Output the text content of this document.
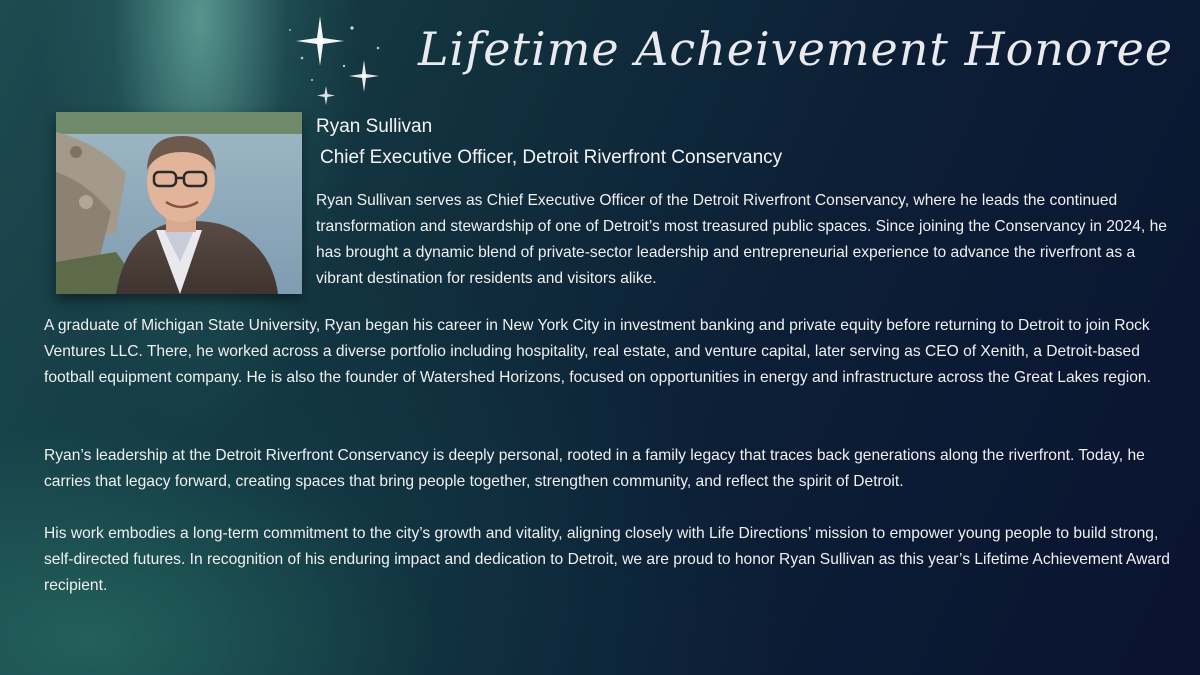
Lifetime Acheivement Honoree
Ryan Sullivan
Chief Executive Officer, Detroit Riverfront Conservancy

Ryan Sullivan serves as Chief Executive Officer of the Detroit Riverfront Conservancy, where he leads the continued transformation and stewardship of one of Detroit’s most treasured public spaces. Since joining the Conservancy in 2024, he has brought a dynamic blend of private-sector leadership and entrepreneurial experience to advance the riverfront as a vibrant destination for residents and visitors alike.

A graduate of Michigan State University, Ryan began his career in New York City in investment banking and private equity before returning to Detroit to join Rock Ventures LLC. There, he worked across a diverse portfolio including hospitality, real estate, and venture capital, later serving as CEO of Xenith, a Detroit-based football equipment company. He is also the founder of Watershed Horizons, focused on opportunities in energy and infrastructure across the Great Lakes region.

Ryan’s leadership at the Detroit Riverfront Conservancy is deeply personal, rooted in a family legacy that traces back generations along the riverfront. Today, he carries that legacy forward, creating spaces that bring people together, strengthen community, and reflect the spirit of Detroit.

His work embodies a long-term commitment to the city’s growth and vitality, aligning closely with Life Directions’ mission to empower young people to build strong, self-directed futures. In recognition of his enduring impact and dedication to Detroit, we are proud to honor Ryan Sullivan as this year’s Lifetime Achievement Award recipient.
